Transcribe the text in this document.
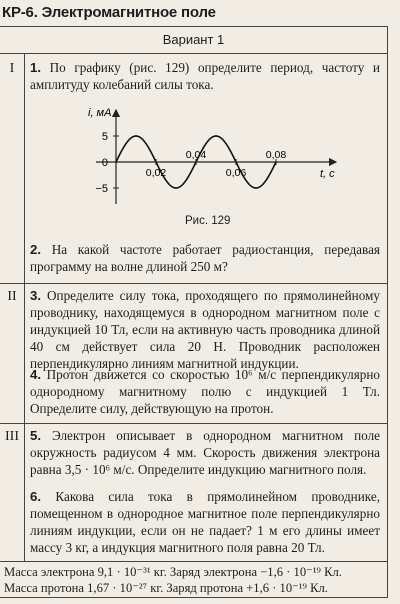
КР-6. Электромагнитное поле
Вариант 1
I	1. По графику (рис. 129) определите период, частоту и амплитуду колебаний силы тока.
2. На какой частоте работает радиостанция, передавая программу на волне длиной 250 м?
II	3. Определите силу тока, проходящего по прямолинейному проводнику, находящемуся в однородном магнитном поле с индукцией 10 Тл, если на активную часть проводника длиной 40 см действует сила 20 Н. Проводник расположен перпендикулярно линиям магнитной индукции.
4. Протон движется со скоростью 10⁶ м/с перпендикулярно однородному магнитному полю с индукцией 1 Тл. Определите силу, действующую на протон.
III 5. Электрон описывает в однородном магнитном поле окружность радиусом 4 мм. Скорость движения электрона равна 3,5 · 10⁶ м/с. Определите индукцию магнитного поля.
6. Какова сила тока в прямолинейном проводнике, помещенном в однородное магнитное поле перпендикулярно линиям индукции, если он не падает? 1 м его длины имеет массу 3 кг, а индукция магнитного поля равна 20 Тл.
Масса электрона 9,1 · 10⁻³¹ кг. Заряд электрона −1,6 · 10⁻¹⁹ Кл.
Масса протона 1,67 · 10⁻²⁷ кг. Заряд протона +1,6 · 10⁻¹⁹ Кл.
i, мА
t, с
5
0
−5
0,02
0,04
0,06
0,08
Рис. 129
